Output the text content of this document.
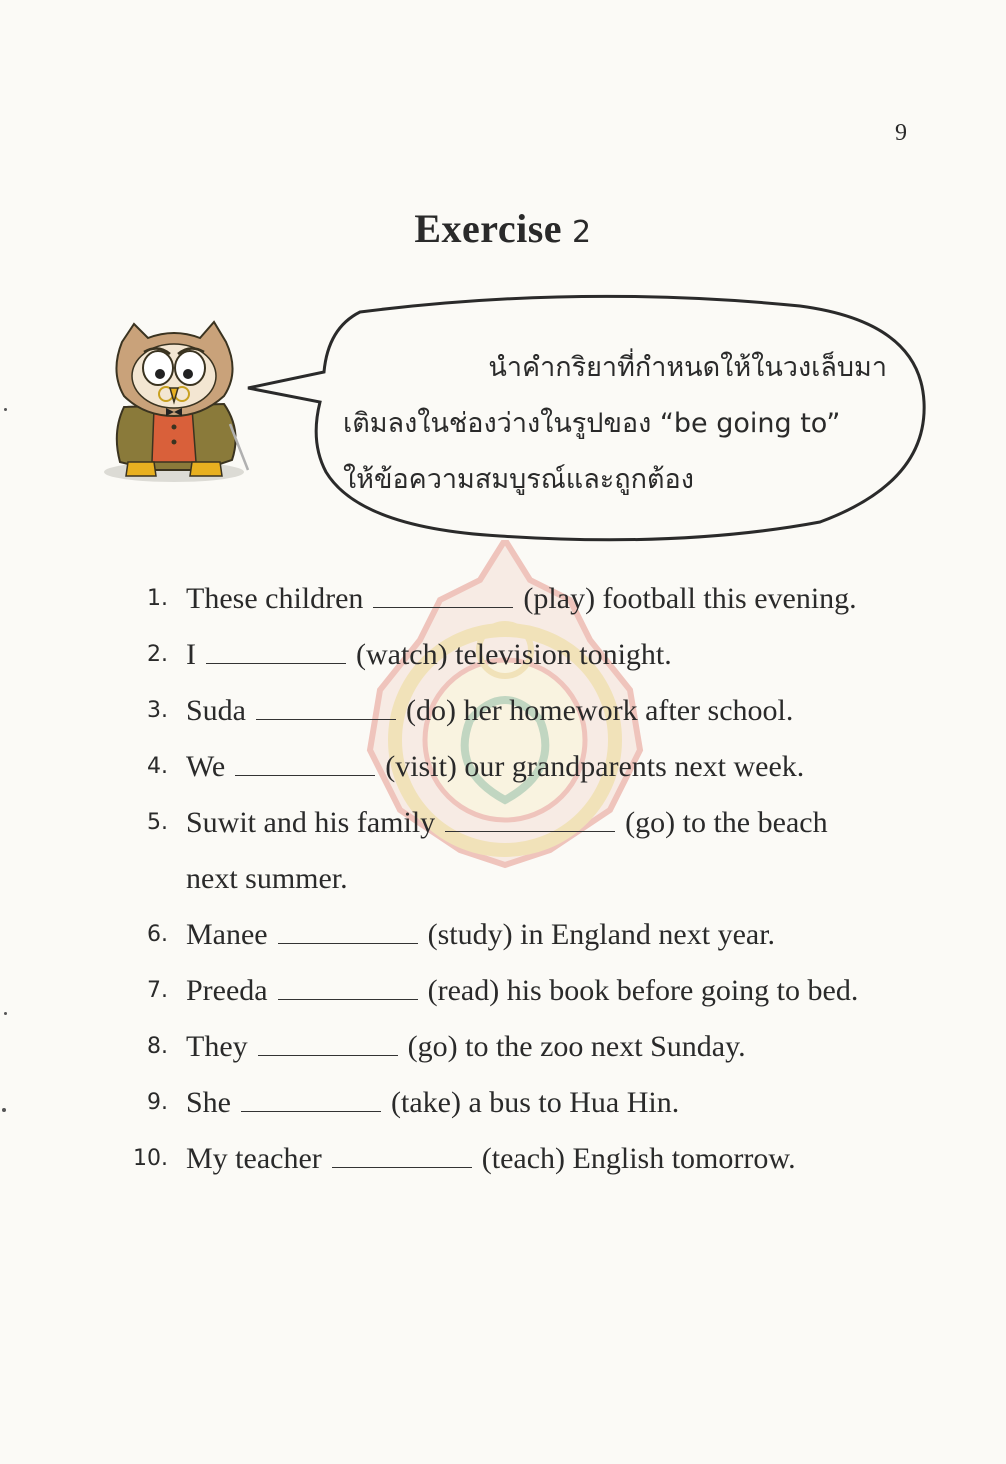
9
Exercise 2
นำคำกริยาที่กำหนดให้ในวงเล็บมา
เติมลงในช่องว่างในรูปของ “be going to”
ให้ข้อความสมบูรณ์และถูกต้อง
1. These children	(play) football this evening.
2. I	(watch) television tonight.
3. Suda	(do) her homework after school.
4. We	(visit) our grandparents next week.
5. Suwit and his family	(go) to the beach
next summer.
6. Manee	(study) in England next year.
7. Preeda	(read) his book before going to bed.
8. They	(go) to the zoo next Sunday.
9. She	(take) a bus to Hua Hin.
10. My teacher	(teach) English tomorrow.
